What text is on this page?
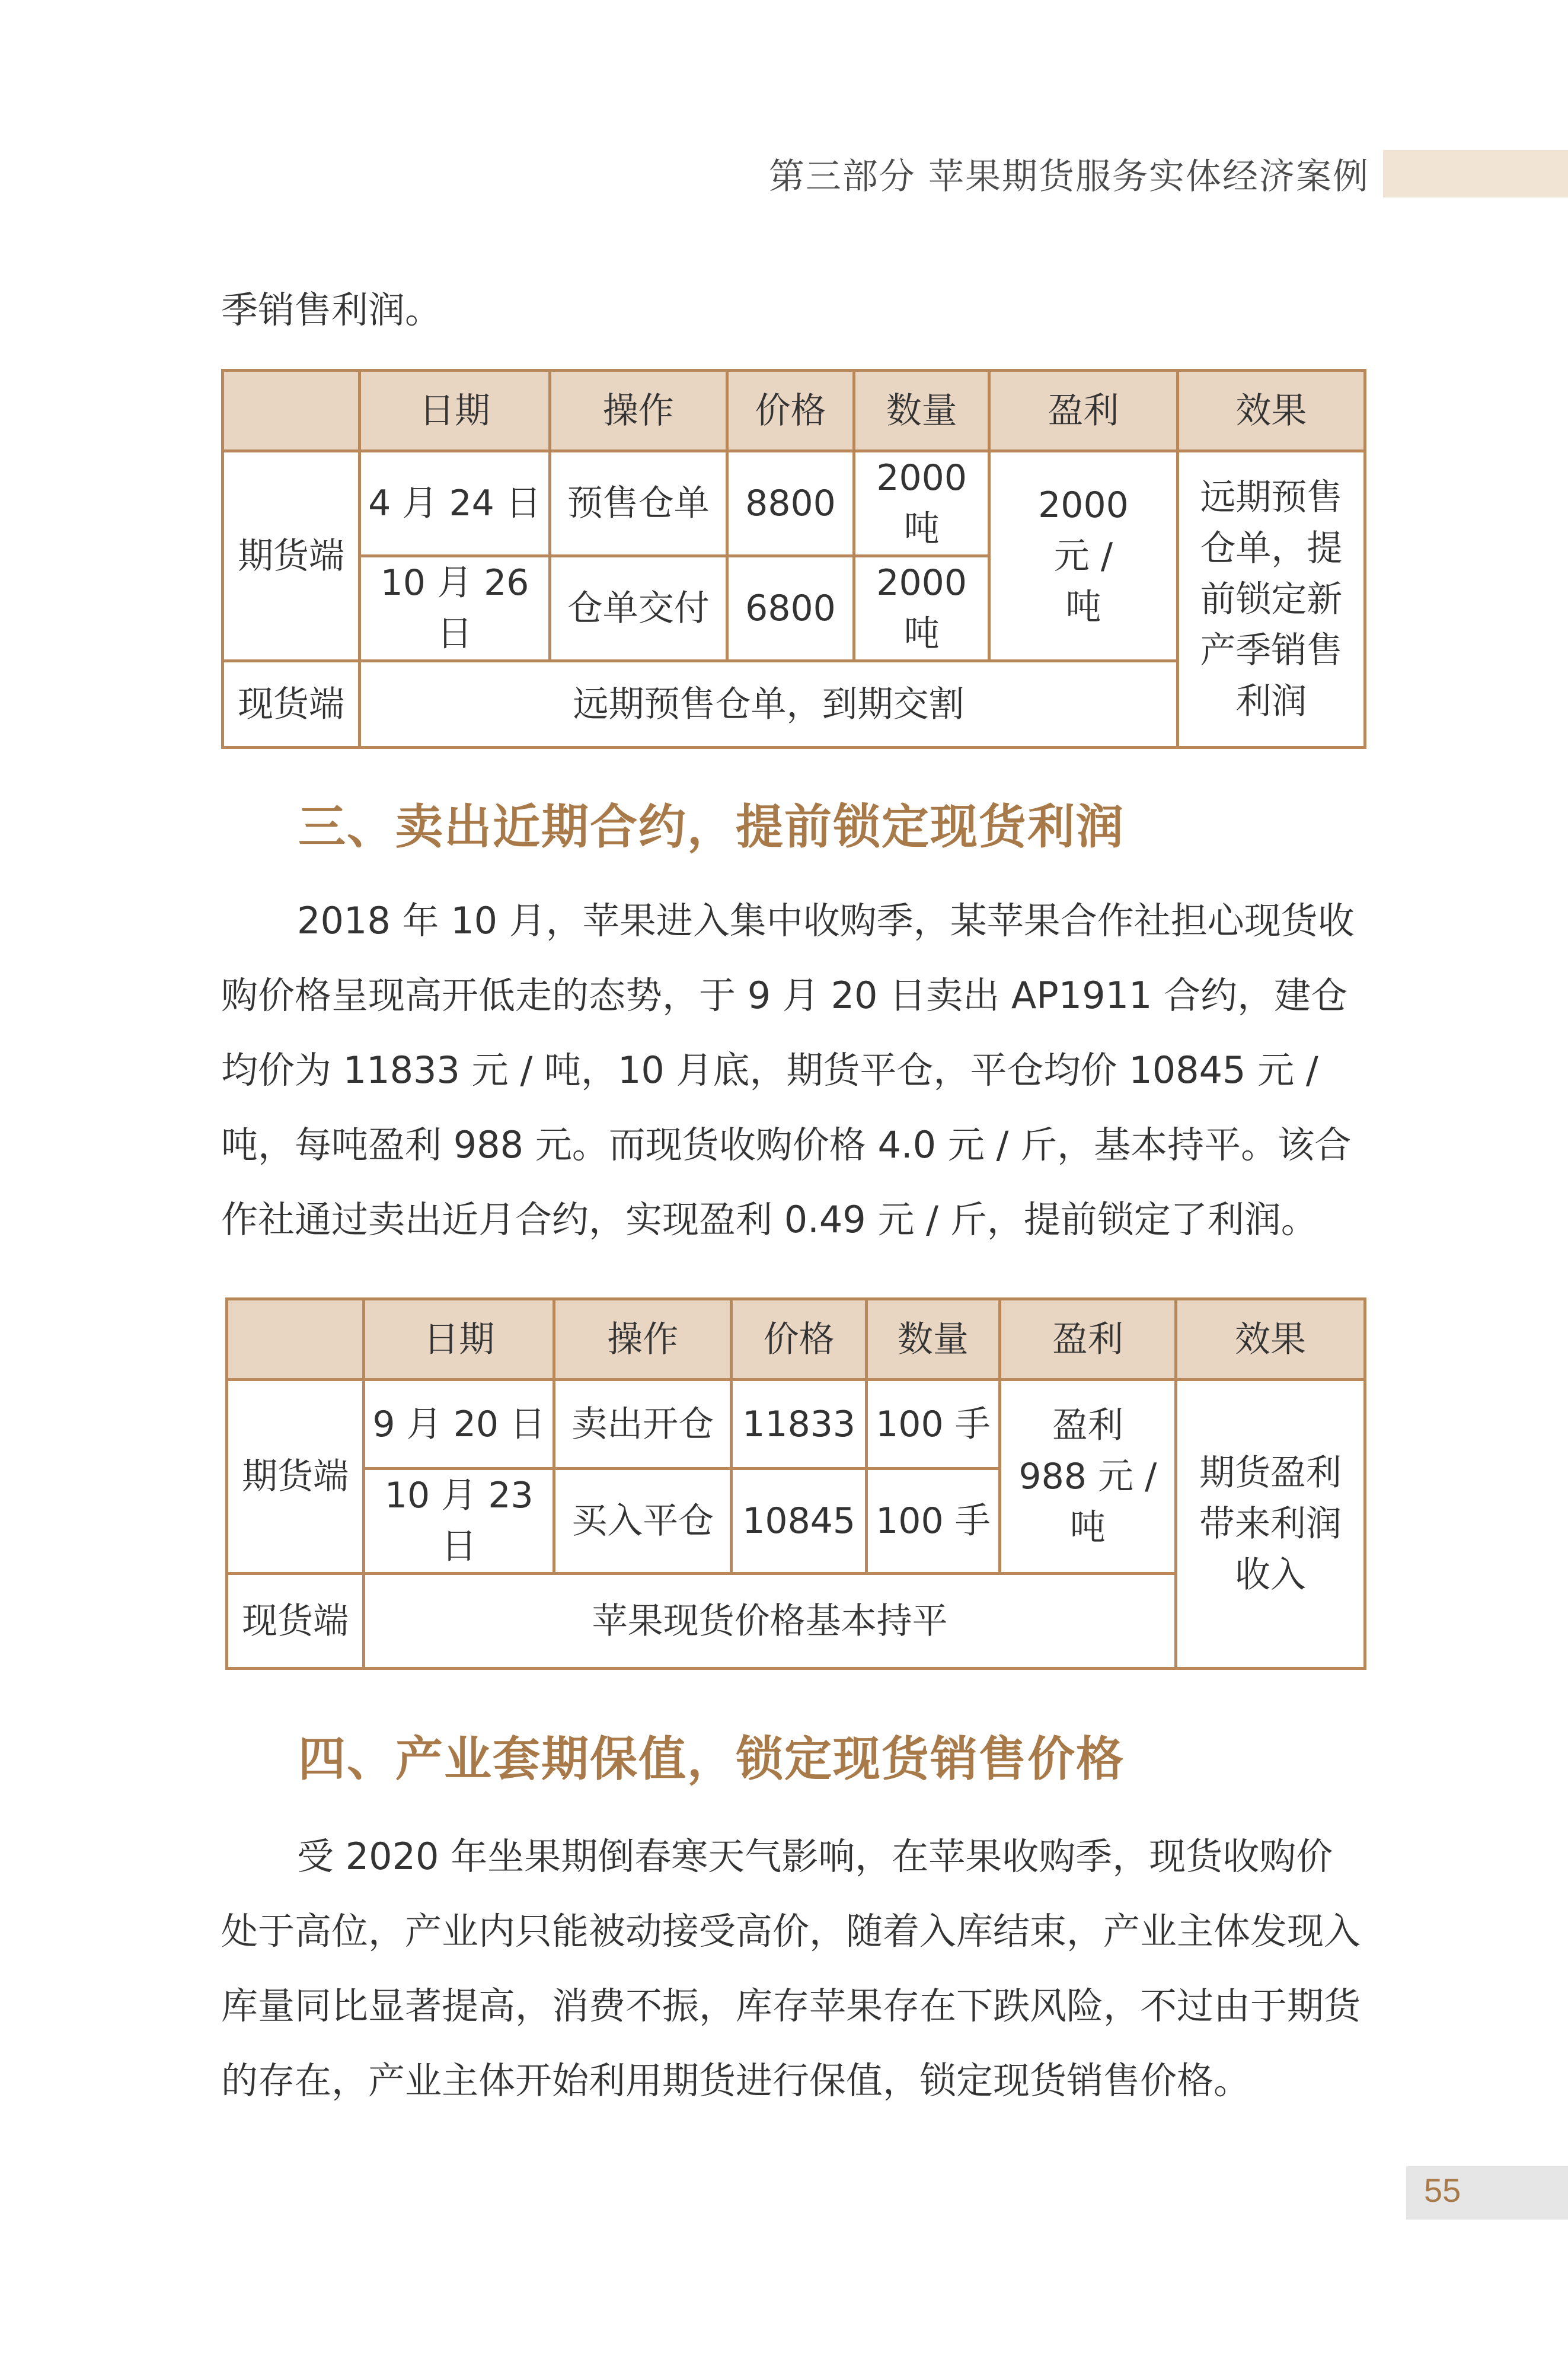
第三部分 苹果期货服务实体经济案例

季销售利润。

	日期	操作	价格	数量	盈利	效果
期货端	4 月 24 日	预售仓单	8800	2000 吨	2000 元 / 吨	远期预售仓单，提前锁定新产季销售利润
	10 月 26 日	仓单交付	6800	2000 吨		
现货端	远期预售仓单，到期交割					
三、卖出近期合约，提前锁定现货利润

2018 年 10 月，苹果进入集中收购季，某苹果合作社担心现货收购价格呈现高开低走的态势，于 9 月 20 日卖出 AP1911 合约，建仓均价为 11833 元 / 吨，10 月底，期货平仓，平仓均价 10845 元 / 吨，每吨盈利 988 元。而现货收购价格 4.0 元 / 斤，基本持平。该合作社通过卖出近月合约，实现盈利 0.49 元 / 斤，提前锁定了利润。

	日期	操作	价格	数量	盈利	效果
期货端	9 月 20 日	卖出开仓	11833	100 手	盈利 988 元 / 吨	期货盈利带来利润收入
	10 月 23 日	买入平仓	10845	100 手		
现货端	苹果现货价格基本持平					
四、产业套期保值，锁定现货销售价格

受 2020 年坐果期倒春寒天气影响，在苹果收购季，现货收购价处于高位，产业内只能被动接受高价，随着入库结束，产业主体发现入库量同比显著提高，消费不振，库存苹果存在下跌风险，不过由于期货的存在，产业主体开始利用期货进行保值，锁定现货销售价格。

55
